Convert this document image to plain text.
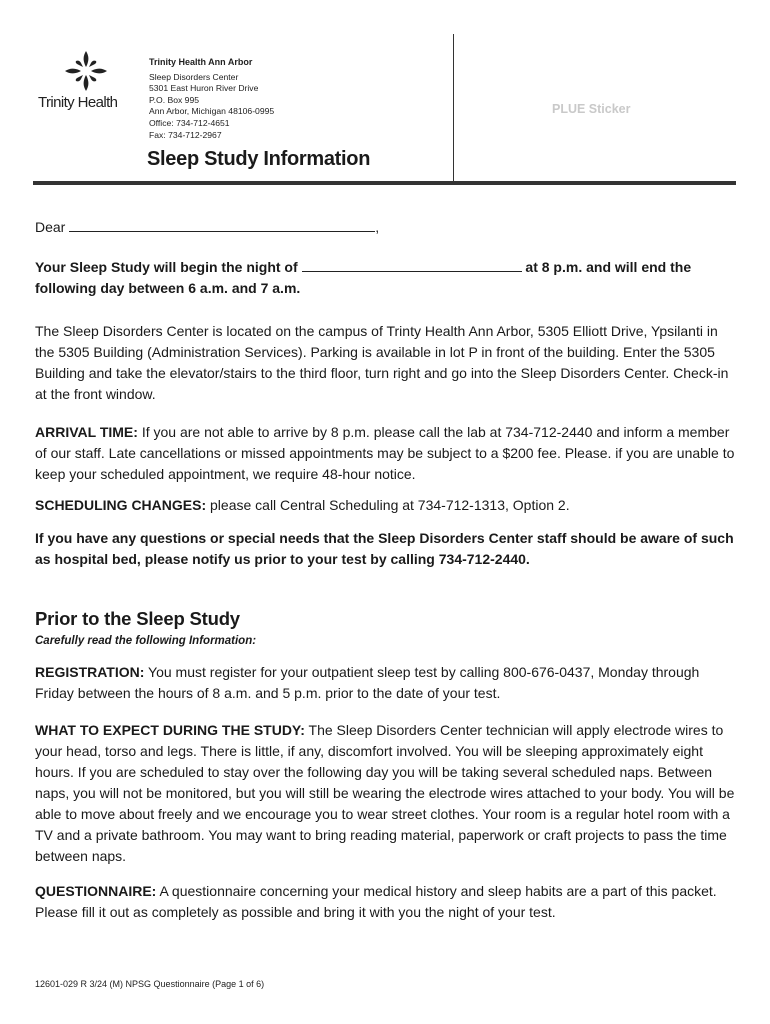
Trinity Health
Trinity Health Ann Arbor
Sleep Disorders Center
5301 East Huron River Drive
P.O. Box 995
Ann Arbor, Michigan 48106-0995
Office: 734-712-4651
Fax: 734-712-2967
PLUE Sticker
Sleep Study Information
Dear	,
Your Sleep Study will begin the night of	at 8 p.m. and will end the following day between 6 a.m. and 7 a.m.
The Sleep Disorders Center is located on the campus of Trinty Health Ann Arbor, 5305 Elliott Drive, Ypsilanti in the 5305 Building (Administration Services). Parking is available in lot P in front of the building. Enter the 5305 Building and take the elevator/stairs to the third floor, turn right and go into the Sleep Disorders Center. Check-in at the front window.
ARRIVAL TIME: If you are not able to arrive by 8 p.m. please call the lab at 734-712-2440 and inform a member of our staff. Late cancellations or missed appointments may be subject to a $200 fee. Please. if you are unable to keep your scheduled appointment, we require 48-hour notice.
SCHEDULING CHANGES: please call Central Scheduling at 734-712-1313, Option 2.
If you have any questions or special needs that the Sleep Disorders Center staff should be aware of such as hospital bed, please notify us prior to your test by calling 734-712-2440.
Prior to the Sleep Study
Carefully read the following Information:
REGISTRATION: You must register for your outpatient sleep test by calling 800-676-0437, Monday through Friday between the hours of 8 a.m. and 5 p.m. prior to the date of your test.
WHAT TO EXPECT DURING THE STUDY: The Sleep Disorders Center technician will apply electrode wires to your head, torso and legs. There is little, if any, discomfort involved. You will be sleeping approximately eight hours. If you are scheduled to stay over the following day you will be taking several scheduled naps. Between naps, you will not be monitored, but you will still be wearing the electrode wires attached to your body. You will be able to move about freely and we encourage you to wear street clothes. Your room is a regular hotel room with a TV and a private bathroom. You may want to bring reading material, paperwork or craft projects to pass the time between naps.
QUESTIONNAIRE: A questionnaire concerning your medical history and sleep habits are a part of this packet. Please fill it out as completely as possible and bring it with you the night of your test.
12601-029 R 3/24 (M) NPSG Questionnaire (Page 1 of 6)
